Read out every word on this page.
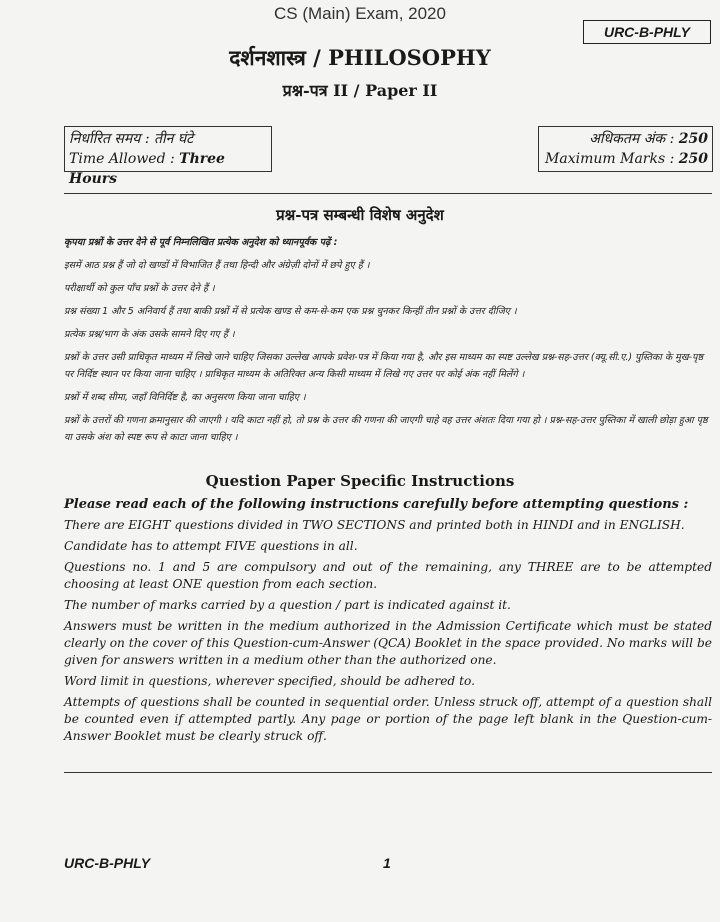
CS (Main) Exam, 2020
URC-B-PHLY
दर्शनशास्त्र / PHILOSOPHY
प्रश्न-पत्र II / Paper II
निर्धारित समय : तीन घंटे
Time Allowed : Three Hours
अधिकतम अंक : 250
Maximum Marks : 250
प्रश्न-पत्र सम्बन्धी विशेष अनुदेश

कृपया प्रश्नों के उत्तर देने से पूर्व निम्नलिखित प्रत्येक अनुदेश को ध्यानपूर्वक पढ़ें :

इसमें आठ प्रश्न हैं जो दो खण्डों में विभाजित हैं तथा हिन्दी और अंग्रेज़ी दोनों में छपे हुए हैं ।

परीक्षार्थी को कुल पाँच प्रश्नों के उत्तर देने हैं ।

प्रश्न संख्या 1 और 5 अनिवार्य हैं तथा बाकी प्रश्नों में से प्रत्येक खण्ड से कम-से-कम एक प्रश्न चुनकर किन्हीं तीन प्रश्नों के उत्तर दीजिए ।

प्रत्येक प्रश्न/भाग के अंक उसके सामने दिए गए हैं ।

प्रश्नों के उत्तर उसी प्राधिकृत माध्यम में लिखे जाने चाहिए जिसका उल्लेख आपके प्रवेश-पत्र में किया गया है, और इस माध्यम का स्पष्ट उल्लेख प्रश्न-सह-उत्तर (क्यू.सी.ए.) पुस्तिका के मुख-पृष्ठ पर निर्दिष्ट स्थान पर किया जाना चाहिए । प्राधिकृत माध्यम के अतिरिक्त अन्य किसी माध्यम में लिखे गए उत्तर पर कोई अंक नहीं मिलेंगे ।

प्रश्नों में शब्द सीमा, जहाँ विनिर्दिष्ट है, का अनुसरण किया जाना चाहिए ।

प्रश्नों के उत्तरों की गणना क्रमानुसार की जाएगी । यदि काटा नहीं हो, तो प्रश्न के उत्तर की गणना की जाएगी चाहे वह उत्तर अंशतः दिया गया हो । प्रश्न-सह-उत्तर पुस्तिका में खाली छोड़ा हुआ पृष्ठ या उसके अंश को स्पष्ट रूप से काटा जाना चाहिए ।

Question Paper Specific Instructions

Please read each of the following instructions carefully before attempting questions :

There are EIGHT questions divided in TWO SECTIONS and printed both in HINDI and in ENGLISH.

Candidate has to attempt FIVE questions in all.

Questions no. 1 and 5 are compulsory and out of the remaining, any THREE are to be attempted choosing at least ONE question from each section.

The number of marks carried by a question / part is indicated against it.

Answers must be written in the medium authorized in the Admission Certificate which must be stated clearly on the cover of this Question-cum-Answer (QCA) Booklet in the space provided. No marks will be given for answers written in a medium other than the authorized one.

Word limit in questions, wherever specified, should be adhered to.

Attempts of questions shall be counted in sequential order. Unless struck off, attempt of a question shall be counted even if attempted partly. Any page or portion of the page left blank in the Question-cum-Answer Booklet must be clearly struck off.

URC-B-PHLY	1
